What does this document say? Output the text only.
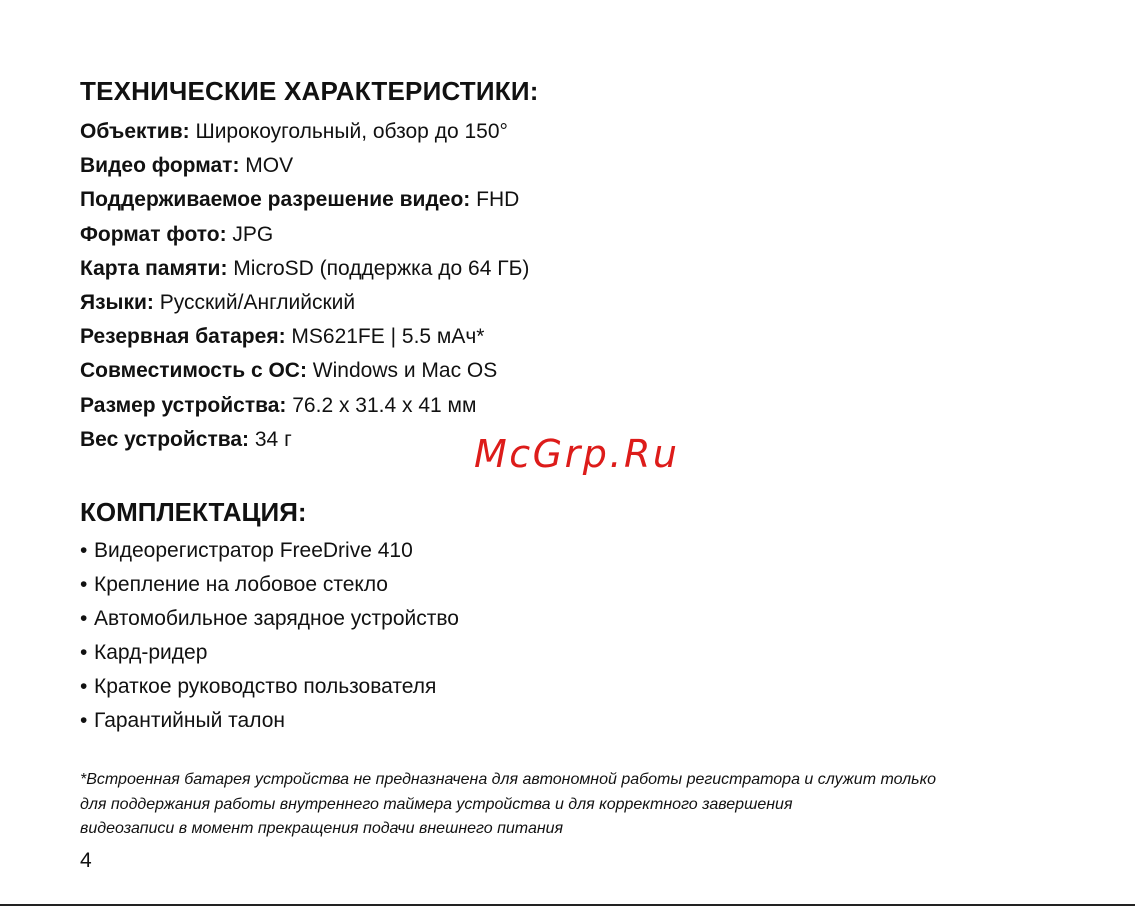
ТЕХНИЧЕСКИЕ ХАРАКТЕРИСТИКИ:
Объектив: Широкоугольный, обзор до 150°
Видео формат: MOV
Поддерживаемое разрешение видео: FHD
Формат фото: JPG
Карта памяти: MicroSD (поддержка до 64 ГБ)
Языки: Русский/Английский
Резервная батарея: MS621FE | 5.5 мАч*
Совместимость с ОС: Windows и Mac OS
Размер устройства: 76.2 х 31.4 х 41 мм
Вес устройства: 34 г	McGrp.Ru
КОМПЛЕКТАЦИЯ:
• Видеорегистратор FreeDrive 410
• Крепление на лобовое стекло
• Автомобильное зарядное устройство
• Кард-ридер
• Краткое руководство пользователя
• Гарантийный талон
*Встроенная батарея устройства не предназначена для автономной работы регистратора и служит только
для поддержания работы внутреннего таймера устройства и для корректного завершения
видеозаписи в момент прекращения подачи внешнего питания
4
